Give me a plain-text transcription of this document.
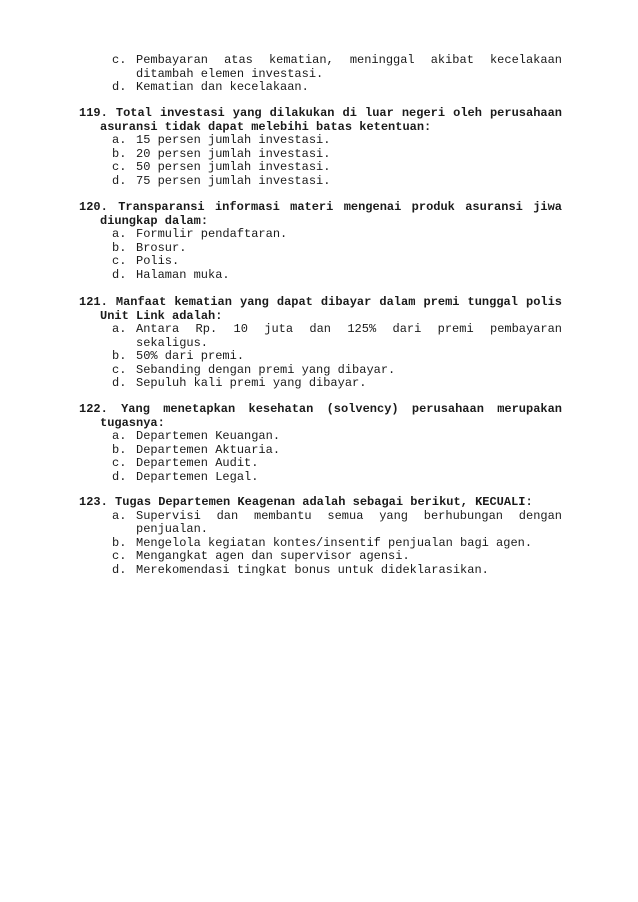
c. Pembayaran atas kematian, meninggal akibat kecelakaan ditambah elemen investasi.
d. Kematian dan kecelakaan.
119. Total investasi yang dilakukan di luar negeri oleh perusahaan asuransi tidak dapat melebihi batas ketentuan:
a. 15 persen jumlah investasi.
b. 20 persen jumlah investasi.
c. 50 persen jumlah investasi.
d. 75 persen jumlah investasi.
120. Transparansi informasi materi mengenai produk asuransi jiwa diungkap dalam:
a. Formulir pendaftaran.
b. Brosur.
c. Polis.
d. Halaman muka.
121. Manfaat kematian yang dapat dibayar dalam premi tunggal polis Unit Link adalah:
a. Antara Rp. 10 juta dan 125% dari premi pembayaran sekaligus.
b. 50% dari premi.
c. Sebanding dengan premi yang dibayar.
d. Sepuluh kali premi yang dibayar.
122. Yang menetapkan kesehatan (solvency) perusahaan merupakan tugasnya:
a. Departemen Keuangan.
b. Departemen Aktuaria.
c. Departemen Audit.
d. Departemen Legal.
123. Tugas Departemen Keagenan adalah sebagai berikut, KECUALI:
a. Supervisi dan membantu semua yang berhubungan dengan penjualan.
b. Mengelola kegiatan kontes/insentif penjualan bagi agen.
c. Mengangkat agen dan supervisor agensi.
d. Merekomendasi tingkat bonus untuk dideklarasikan.
